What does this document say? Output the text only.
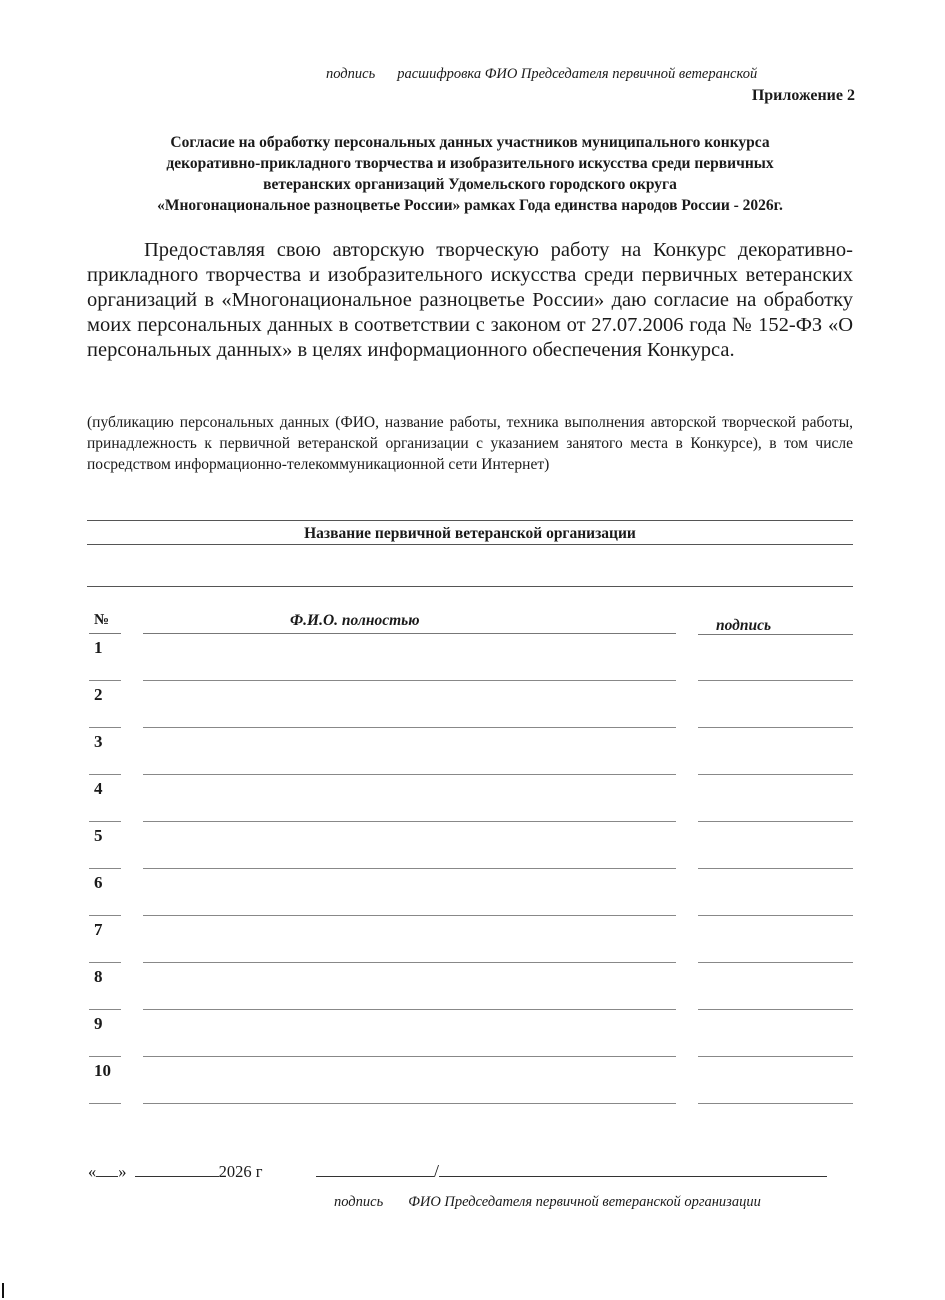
подпись расшифровка ФИО Председателя первичной ветеранской
Приложение 2
Согласие на обработку персональных данных участников муниципального конкурса
декоративно-прикладного творчества и изобразительного искусства среди первичных
ветеранских организаций Удомельского городского округа
«Многонациональное разноцветье России» рамках Года единства народов России - 2026г.
Предоставляя свою авторскую творческую работу на Конкурс декоративно-прикладного творчества и изобразительного искусства среди первичных ветеранских организаций в «Многонациональное разноцветье России» даю согласие на обработку моих персональных данных в соответствии с законом от 27.07.2006 года № 152-ФЗ «О персональных данных» в целях информационного обеспечения Конкурса.
(публикацию персональных данных (ФИО, название работы, техника выполнения авторской творческой работы, принадлежность к первичной ветеранской организации с указанием занятого места в Конкурсе), в том числе посредством информационно-телекоммуникационной сети Интернет)
Название первичной ветеранской организации
№	Ф.И.О. полностью	подпись
1
2
3
4
5
6
7
8
9
10
« »	2026 г	/
подпись ФИО Председателя первичной ветеранской организации
